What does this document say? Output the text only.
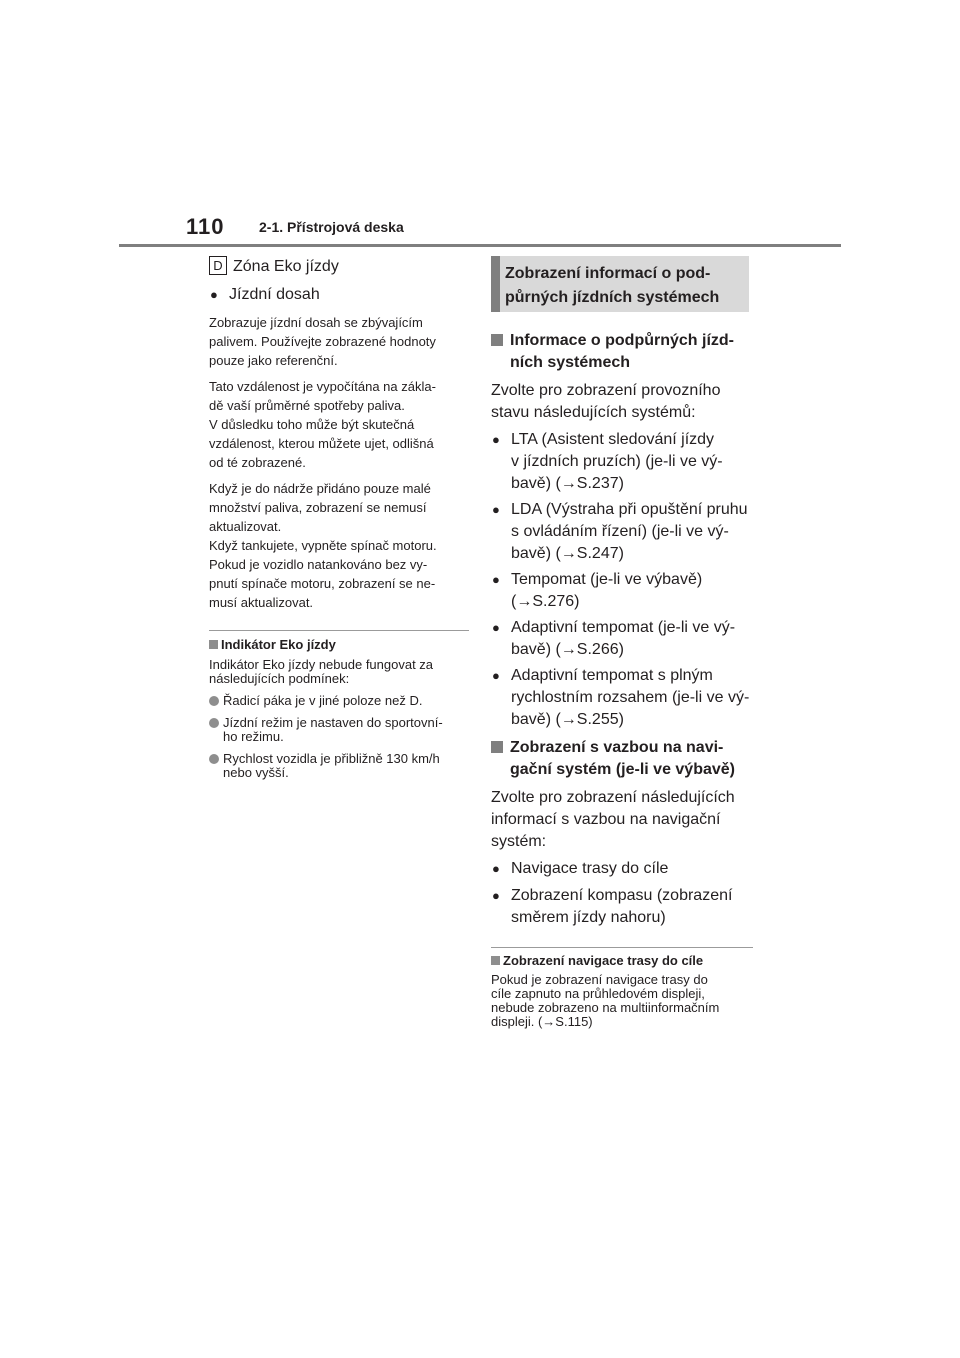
110 2-1. Přístrojová deska
D Zóna Eko jízdy
● Jízdní dosah
Zobrazuje jízdní dosah se zbývajícím
palivem. Používejte zobrazené hodnoty
pouze jako referenční.
Tato vzdálenost je vypočítána na zákla-
dě vaší průměrné spotřeby paliva.
V důsledku toho může být skutečná
vzdálenost, kterou můžete ujet, odlišná
od té zobrazené.
Když je do nádrže přidáno pouze malé
množství paliva, zobrazení se nemusí
aktualizovat.
Když tankujete, vypněte spínač motoru.
Pokud je vozidlo natankováno bez vy-
pnutí spínače motoru, zobrazení se ne-
musí aktualizovat.
Indikátor Eko jízdy
Indikátor Eko jízdy nebude fungovat za
následujících podmínek:
Řadicí páka je v jiné poloze než D.
Jízdní režim je nastaven do sportovní-
ho režimu.
Rychlost vozidla je přibližně 130 km/h
nebo vyšší.
Zobrazení informací o pod-
půrných jízdních systémech
Informace o podpůrných jízd-
ních systémech
Zvolte pro zobrazení provozního
stavu následujících systémů:
● LTA (Asistent sledování jízdy
v jízdních pruzích) (je-li ve vý-
bavě) (→S.237)
● LDA (Výstraha při opuštění pruhu
s ovládáním řízení) (je-li ve vý-
bavě) (→S.247)
● Tempomat (je-li ve výbavě)
(→S.276)
● Adaptivní tempomat (je-li ve vý-
bavě) (→S.266)
● Adaptivní tempomat s plným
rychlostním rozsahem (je-li ve vý-
bavě) (→S.255)
Zobrazení s vazbou na navi-
gační systém (je-li ve výbavě)
Zvolte pro zobrazení následujících
informací s vazbou na navigační
systém:
● Navigace trasy do cíle
● Zobrazení kompasu (zobrazení
směrem jízdy nahoru)
Zobrazení navigace trasy do cíle
Pokud je zobrazení navigace trasy do
cíle zapnuto na průhledovém displeji,
nebude zobrazeno na multiinformačním
displeji. (→S.115)
